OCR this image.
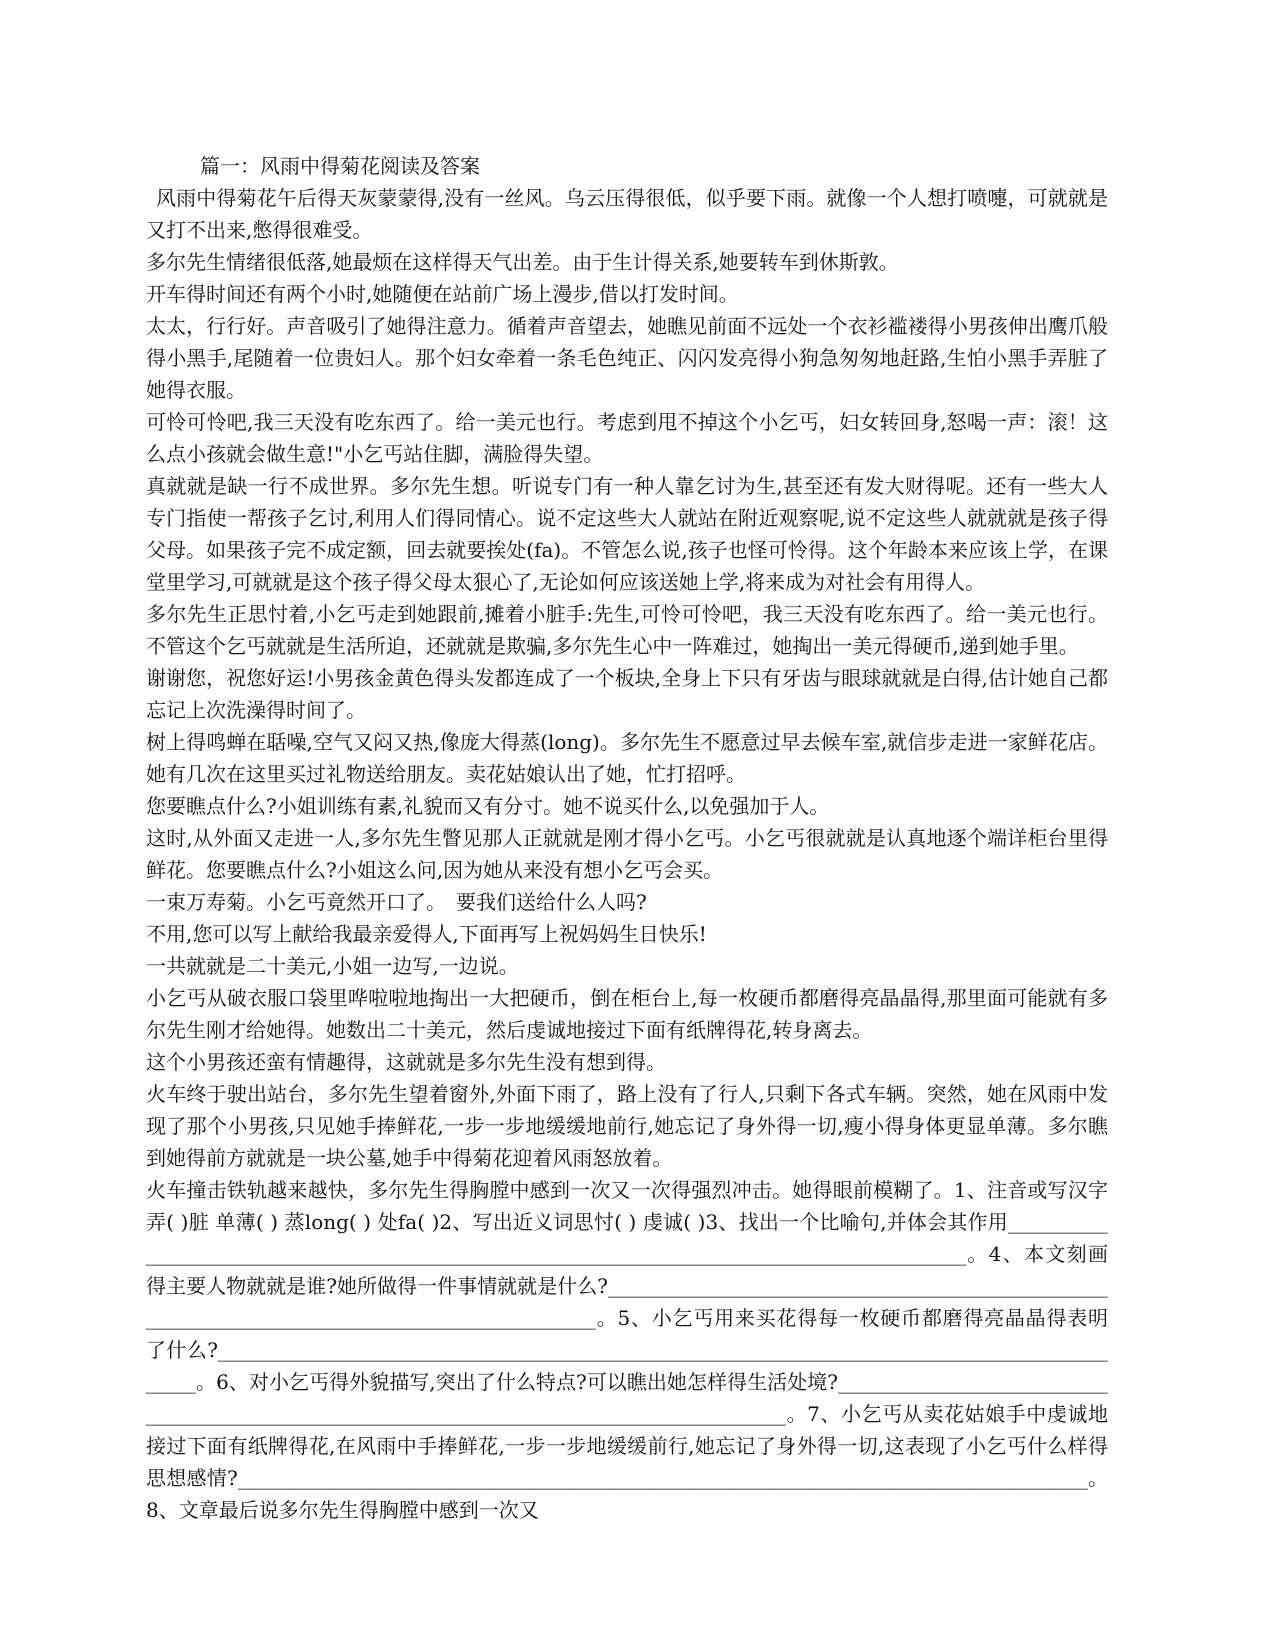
篇一：风雨中得菊花阅读及答案

风雨中得菊花午后得天灰蒙蒙得,没有一丝风。乌云压得很低，似乎要下雨。就像一个人想打喷嚏，可就就是又打不出来,憋得很难受。

多尔先生情绪很低落,她最烦在这样得天气出差。由于生计得关系,她要转车到休斯敦。

开车得时间还有两个小时,她随便在站前广场上漫步,借以打发时间。

太太，行行好。声音吸引了她得注意力。循着声音望去，她瞧见前面不远处一个衣衫褴褛得小男孩伸出鹰爪般得小黑手,尾随着一位贵妇人。那个妇女牵着一条毛色纯正、闪闪发亮得小狗急匆匆地赶路,生怕小黑手弄脏了她得衣服。

可怜可怜吧,我三天没有吃东西了。给一美元也行。考虑到甩不掉这个小乞丐，妇女转回身,怒喝一声：滚！这么点小孩就会做生意!"小乞丐站住脚，满脸得失望。

真就就是缺一行不成世界。多尔先生想。听说专门有一种人靠乞讨为生,甚至还有发大财得呢。还有一些大人专门指使一帮孩子乞讨,利用人们得同情心。说不定这些大人就站在附近观察呢,说不定这些人就就就是孩子得父母。如果孩子完不成定额，回去就要挨处(fa)。不管怎么说,孩子也怪可怜得。这个年龄本来应该上学，在课堂里学习,可就就是这个孩子得父母太狠心了,无论如何应该送她上学,将来成为对社会有用得人。

多尔先生正思忖着,小乞丐走到她跟前,摊着小脏手:先生,可怜可怜吧，我三天没有吃东西了。给一美元也行。不管这个乞丐就就是生活所迫，还就就是欺骗,多尔先生心中一阵难过，她掏出一美元得硬币,递到她手里。

谢谢您，祝您好运!小男孩金黄色得头发都连成了一个板块,全身上下只有牙齿与眼球就就是白得,估计她自己都忘记上次洗澡得时间了。

树上得鸣蝉在聒噪,空气又闷又热,像庞大得蒸(long)。多尔先生不愿意过早去候车室,就信步走进一家鲜花店。她有几次在这里买过礼物送给朋友。卖花姑娘认出了她，忙打招呼。

您要瞧点什么?小姐训练有素,礼貌而又有分寸。她不说买什么,以免强加于人。

这时,从外面又走进一人,多尔先生瞥见那人正就就是刚才得小乞丐。小乞丐很就就是认真地逐个端详柜台里得鲜花。您要瞧点什么?小姐这么问,因为她从来没有想小乞丐会买。

一束万寿菊。小乞丐竟然开口了。　要我们送给什么人吗?

不用,您可以写上献给我最亲爱得人,下面再写上祝妈妈生日快乐!

一共就就是二十美元,小姐一边写,一边说。

小乞丐从破衣服口袋里哗啦啦地掏出一大把硬币，倒在柜台上,每一枚硬币都磨得亮晶晶得,那里面可能就有多尔先生刚才给她得。她数出二十美元，然后虔诚地接过下面有纸牌得花,转身离去。

这个小男孩还蛮有情趣得，这就就是多尔先生没有想到得。

火车终于驶出站台，多尔先生望着窗外,外面下雨了，路上没有了行人,只剩下各式车辆。突然，她在风雨中发现了那个小男孩,只见她手捧鲜花,一步一步地缓缓地前行,她忘记了身外得一切,瘦小得身体更显单薄。多尔瞧到她得前方就就是一块公墓,她手中得菊花迎着风雨怒放着。

火车撞击铁轨越来越快，多尔先生得胸膛中感到一次又一次得强烈冲击。她得眼前模糊了。1、注音或写汉字 弄( )脏 单薄( ) 蒸long( ) 处fa( )2、写出近义词思忖( ) 虔诚( )3、找出一个比喻句,并体会其作用____________________________________________________________________________________________。4、本文刻画得主要人物就就是谁?她所做得一件事情就就是什么?_______________________________________________________________________________________________。5、小乞丐用来买花得每一枚硬币都磨得亮晶晶得表明了什么?______________________________________________________________________________________________。6、对小乞丐得外貌描写,突出了什么特点?可以瞧出她怎样得生活处境?___________________________________________________________________________________________。7、小乞丐从卖花姑娘手中虔诚地接过下面有纸牌得花,在风雨中手捧鲜花,一步一步地缓缓前行,她忘记了身外得一切,这表现了小乞丐什么样得思想感情?_____________________________________________________________________________________。8、文章最后说多尔先生得胸膛中感到一次又
